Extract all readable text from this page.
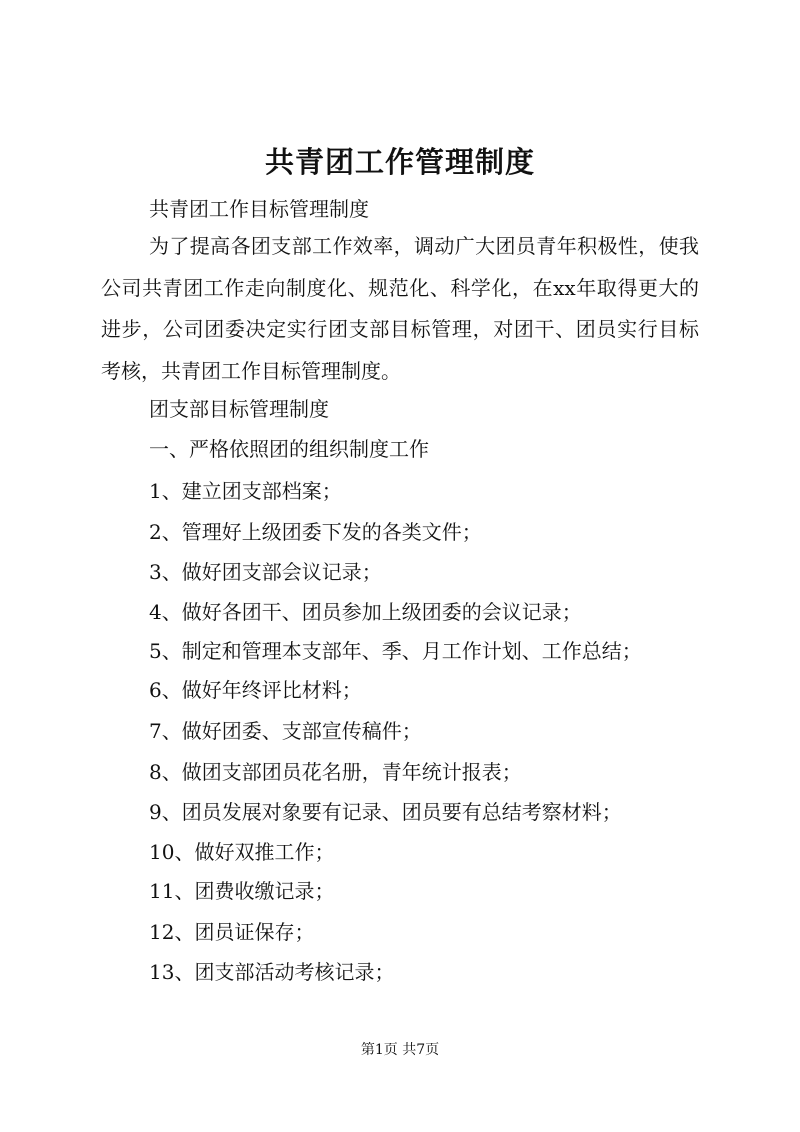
共青团工作管理制度
共青团工作目标管理制度
为了提高各团支部工作效率，调动广大团员青年积极性，使我公司共青团工作走向制度化、规范化、科学化，在xx年取得更大的进步，公司团委决定实行团支部目标管理，对团干、团员实行目标考核，共青团工作目标管理制度。
团支部目标管理制度
一、严格依照团的组织制度工作
1、建立团支部档案；
2、管理好上级团委下发的各类文件；
3、做好团支部会议记录；
4、做好各团干、团员参加上级团委的会议记录；
5、制定和管理本支部年、季、月工作计划、工作总结；
6、做好年终评比材料；
7、做好团委、支部宣传稿件；
8、做团支部团员花名册，青年统计报表；
9、团员发展对象要有记录、团员要有总结考察材料；
10、做好双推工作；
11、团费收缴记录；
12、团员证保存；
13、团支部活动考核记录；
第1页 共7页
